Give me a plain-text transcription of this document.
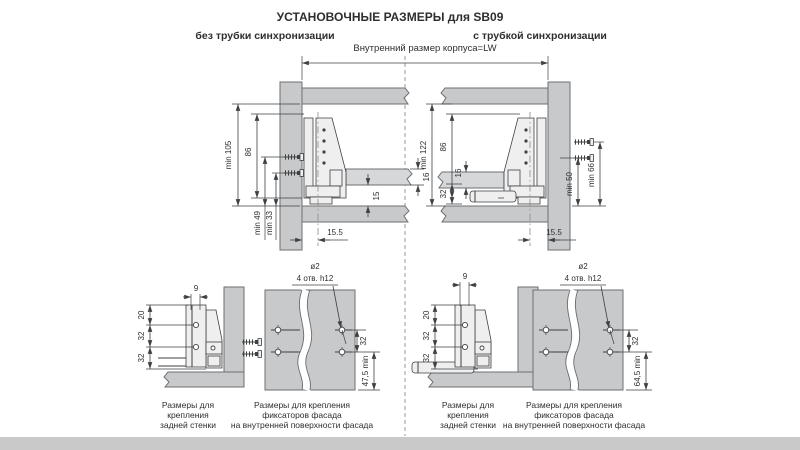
УСТАНОВОЧНЫЕ РАЗМЕРЫ для SB09
без трубки синхронизации	с трубкой синхронизации
Внутренний размер корпуса=LW
min 105 86
min 49 min 33
16
15
15.5
min 122 86
16
32	min 50 min 66
15.5
20
32
32
9
ø2
4 отв. h12
32
47,5 min
20
32
32
9
ø2
4 отв. h12
32
64,5 min
Размеры для
крепления
задней стенки
Размеры для крепления
фиксаторов фасада
на внутренней поверхности фасада
Размеры для
крепления
задней стенки
Размеры для крепления
фиксаторов фасада
на внутренней поверхности фасада
